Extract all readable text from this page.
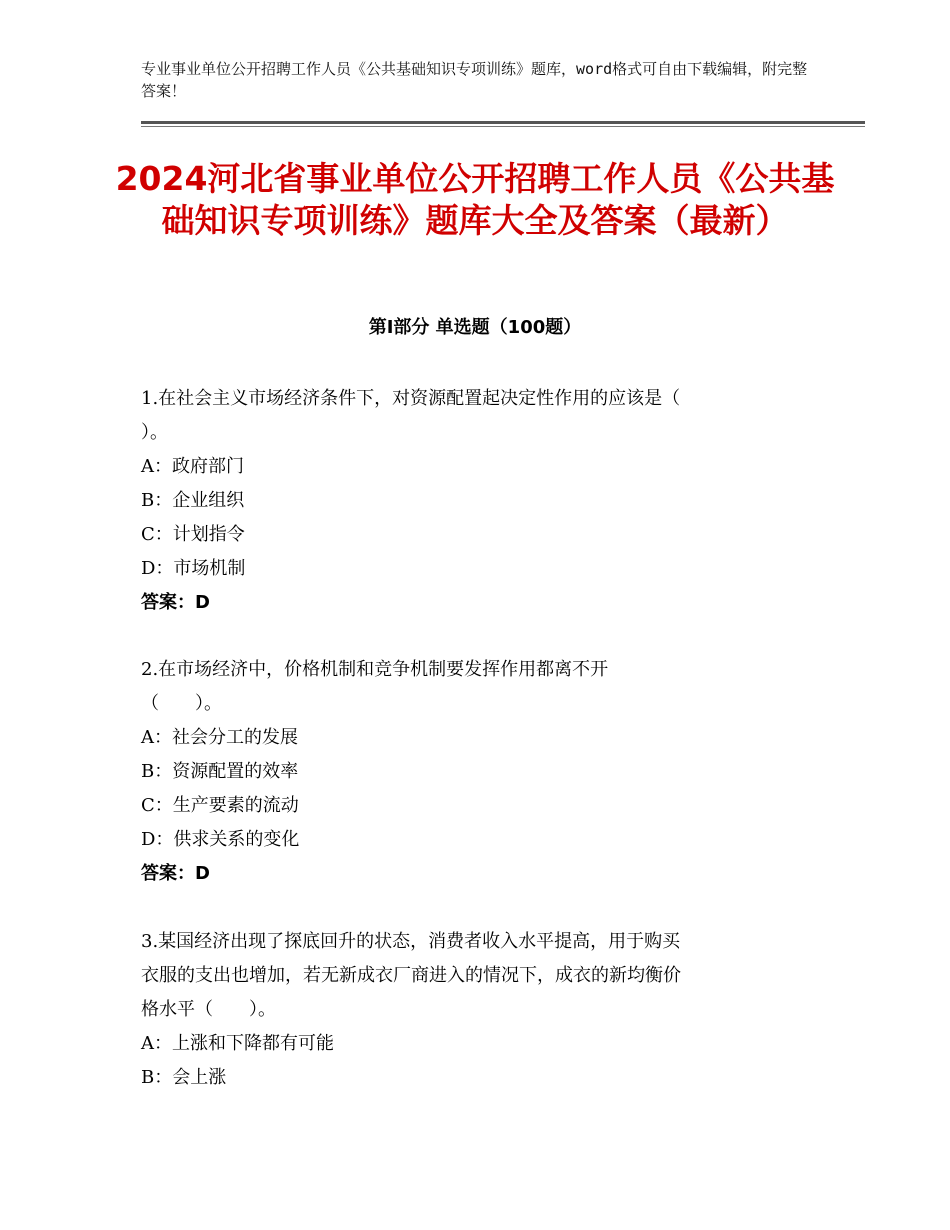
专业事业单位公开招聘工作人员《公共基础知识专项训练》题库，word格式可自由下载编辑，附完整答案！
2024河北省事业单位公开招聘工作人员《公共基础知识专项训练》题库大全及答案（最新）
第Ⅰ部分 单选题（100题）
1.在社会主义市场经济条件下，对资源配置起决定性作用的应该是（
）。
A：政府部门
B：企业组织
C：计划指令
D：市场机制
答案：D
2.在市场经济中，价格机制和竞争机制要发挥作用都离不开
（　　）。
A：社会分工的发展
B：资源配置的效率
C：生产要素的流动
D：供求关系的变化
答案：D
3.某国经济出现了探底回升的状态，消费者收入水平提高，用于购买
衣服的支出也增加，若无新成衣厂商进入的情况下，成衣的新均衡价
格水平（　　）。
A：上涨和下降都有可能
B：会上涨
